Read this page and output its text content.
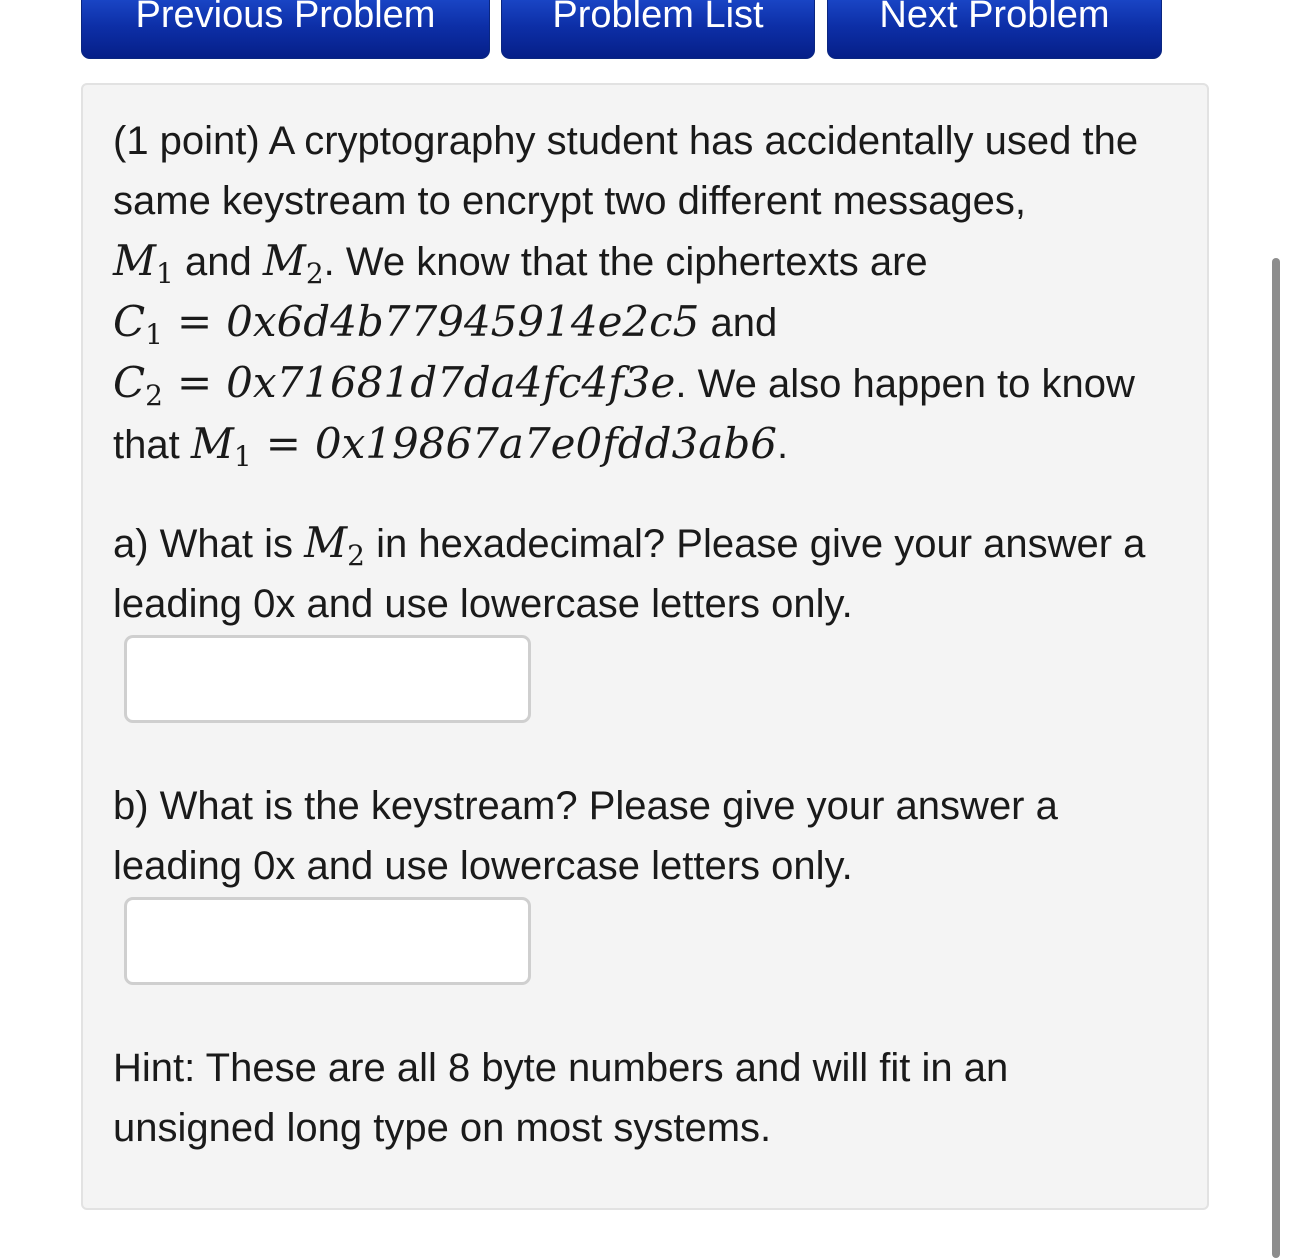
Previous Problem	Problem List	Next Problem

(1 point) A cryptography student has accidentally used the same keystream to encrypt two different messages,
$M_1$ and $M_2$. We know that the ciphertexts are
$C_1 = 0x6d4b77945914e2c5$ and
$C_2 = 0x71681d7da4fc4f3e$. We also happen to know that $M_1 = 0x19867a7e0fdd3ab6$.

a) What is $M_2$ in hexadecimal? Please give your answer a leading 0x and use lowercase letters only.

b) What is the keystream? Please give your answer a leading 0x and use lowercase letters only.

Hint: These are all 8 byte numbers and will fit in an unsigned long type on most systems.
